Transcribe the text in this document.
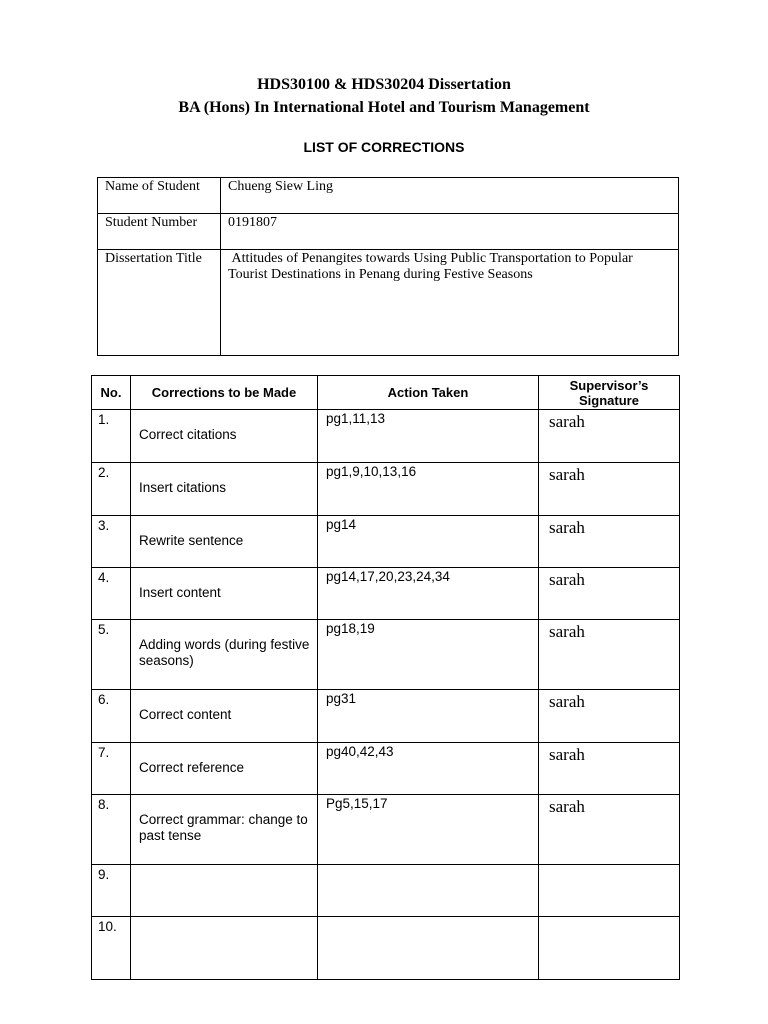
HDS30100 & HDS30204 Dissertation
BA (Hons) In International Hotel and Tourism Management
LIST OF CORRECTIONS
Name of Student	Chueng Siew Ling
Student Number	0191807
Dissertation Title	Attitudes of Penangites towards Using Public Transportation to Popular Tourist Destinations in Penang during Festive Seasons
No.	Corrections to be Made	Action Taken	Supervisor’s Signature
1.	Correct citations	pg1,11,13	sarah
2.	Insert citations	pg1,9,10,13,16	sarah
3.	Rewrite sentence	pg14	sarah
4.	Insert content	pg14,17,20,23,24,34	sarah
5.	Adding words (during festive seasons)	pg18,19	sarah
6.	Correct content	pg31	sarah
7.	Correct reference	pg40,42,43	sarah
8.	Correct grammar: change to past tense	Pg5,15,17	sarah
9.			
10.			
